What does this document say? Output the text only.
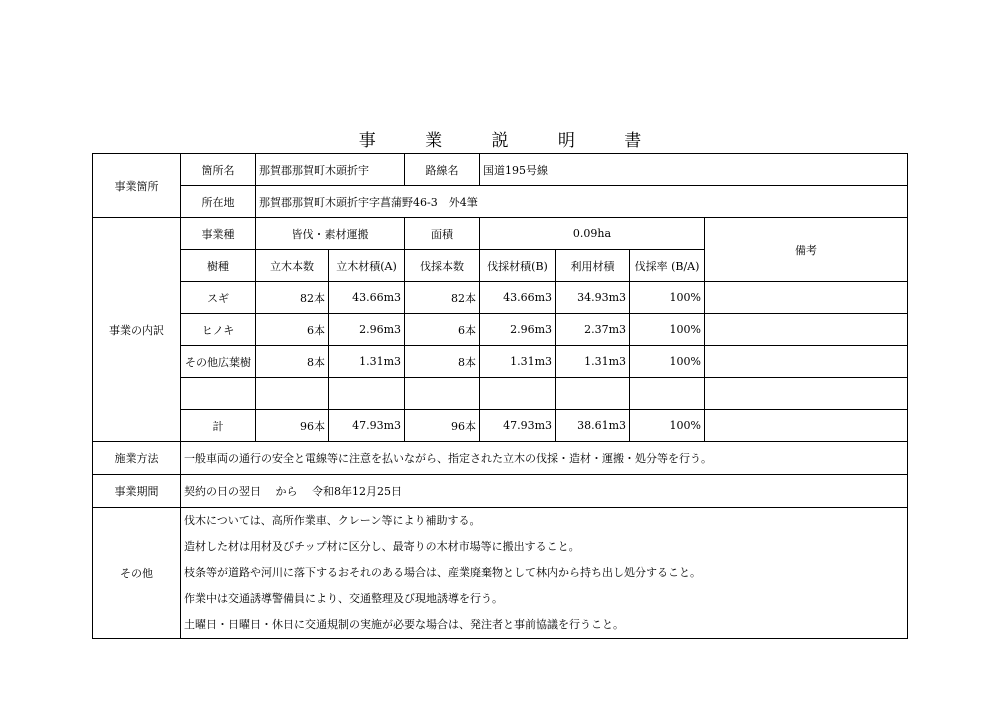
事 業 説 明 書
事業箇所	箇所名	那賀郡那賀町木頭折宇		路線名	国道195号線			
	所在地	那賀郡那賀町木頭折宇字菖蒲野46-3　外4筆						
事業の内訳	事業種	皆伐・素材運搬		面積	0.09ha			備考
	樹種	立木本数	立木材積(A)	伐採本数	伐採材積(B)	利用材積	伐採率 (B/A)	
	スギ	82本	43.66m3	82本	43.66m3	34.93m3	100%	
	ヒノキ	6本	2.96m3	6本	2.96m3	2.37m3	100%	
	その他広葉樹	8本	1.31m3	8本	1.31m3	1.31m3	100%	

	計	96本	47.93m3	96本	47.93m3	38.61m3	100%	
施業方法	一般車両の通行の安全と電線等に注意を払いながら、指定された立木の伐採・造材・運搬・処分等を行う。							
事業期間	契約の日の翌日　 から　 令和8年12月25日							
その他	伐木については、高所作業車、クレーン等により補助する。
造材した材は用材及びチップ材に区分し、最寄りの木材市場等に搬出すること。
枝条等が道路や河川に落下するおそれのある場合は、産業廃棄物として林内から持ち出し処分すること。
作業中は交通誘導警備員により、交通整理及び現地誘導を行う。
土曜日・日曜日・休日に交通規制の実施が必要な場合は、発注者と事前協議を行うこと。							
